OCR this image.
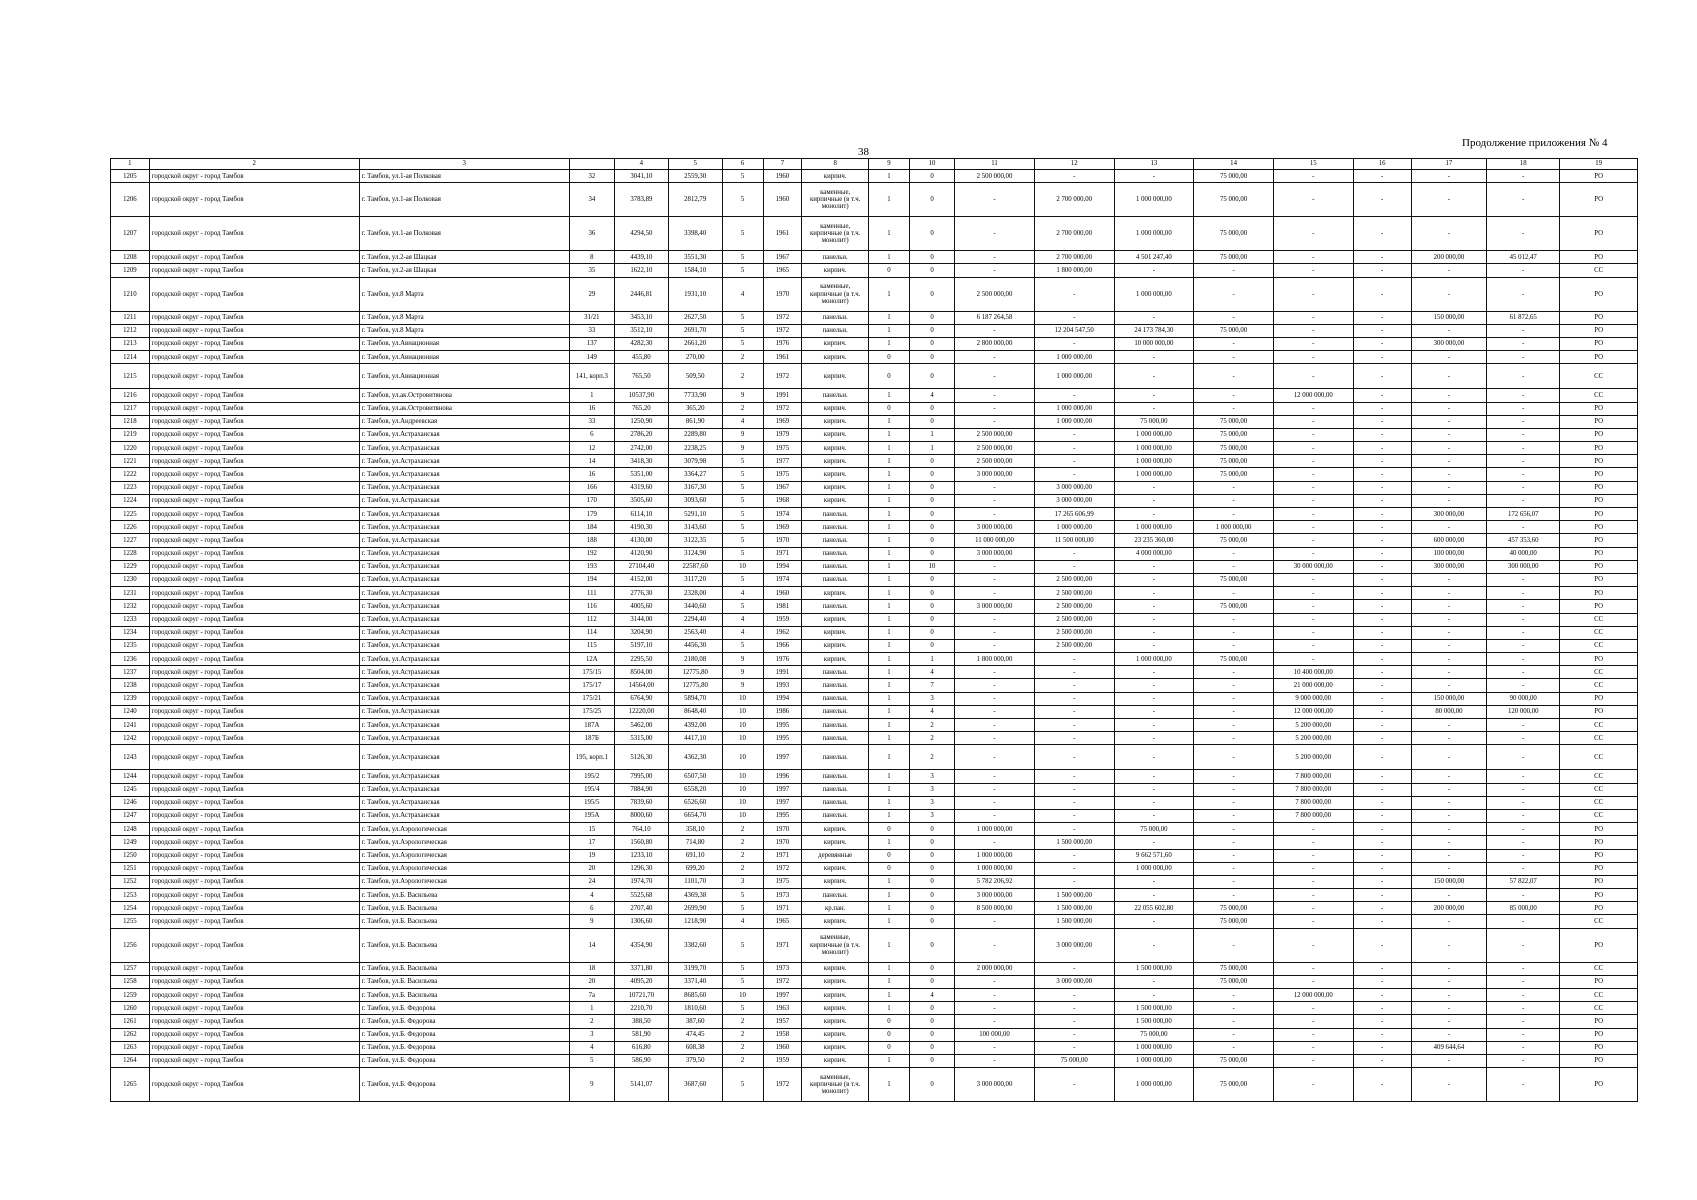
38
Продолжение приложения № 4
1	2	3		4	5	6	7	8	9	10	11	12	13	14	15	16	17	18	19
1205	городской округ - город Тамбов	г. Тамбов, ул.1-ая Полковая	32	3041,10	2559,30	5	1960	кирпич.	1	0	2 500 000,00	-	-	75 000,00	-	-	-	-	РО
1206	городской округ - город Тамбов	г. Тамбов, ул.1-ая Полковая	34	3783,89	2812,79	5	1960	каменные, кирпичные (в т.ч. монолит)	1	0	-	2 700 000,00	1 000 000,00	75 000,00	-	-	-	-	РО
1207	городской округ - город Тамбов	г. Тамбов, ул.1-ая Полковая	36	4294,50	3398,40	5	1961	каменные, кирпичные (в т.ч. монолит)	1	0	-	2 700 000,00	1 000 000,00	75 000,00	-	-	-	-	РО
1208	городской округ - город Тамбов	г. Тамбов, ул.2-ая Шацкая	8	4439,10	3551,30	5	1967	панельн.	1	0	-	2 700 000,00	4 501 247,40	75 000,00	-	-	200 000,00	45 012,47	РО
1209	городской округ - город Тамбов	г. Тамбов, ул.2-ая Шацкая	35	1622,10	1584,10	5	1965	кирпич.	0	0	-	1 800 000,00	-	-	-	-	-	-	СС
1210	городской округ - город Тамбов	г. Тамбов, ул.8 Марта	29	2446,81	1931,10	4	1970	каменные, кирпичные (в т.ч. монолит)	1	0	2 500 000,00	-	1 000 000,00	-	-	-	-	-	РО
1211	городской округ - город Тамбов	г. Тамбов, ул.8 Марта	31/21	3453,10	2627,50	5	1972	панельн.	1	0	6 187 264,58	-	-	-	-	-	150 000,00	61 872,65	РО
1212	городской округ - город Тамбов	г. Тамбов, ул.8 Марта	33	3512,10	2691,70	5	1972	панельн.	1	0	-	12 204 547,50	24 173 784,30	75 000,00	-	-	-	-	РО
1213	городской округ - город Тамбов	г. Тамбов, ул.Авиационная	137	4282,30	2661,20	5	1976	кирпич.	1	0	2 800 000,00	-	10 000 000,00	-	-	-	300 000,00	-	РО
1214	городской округ - город Тамбов	г. Тамбов, ул.Авиационная	149	455,80	270,00	2	1961	кирпич.	0	0	-	1 000 000,00	-	-	-	-	-	-	РО
1215	городской округ - город Тамбов	г. Тамбов, ул.Авиационная	141, корп.3	765,50	509,50	2	1972	кирпич.	0	0	-	1 000 000,00	-	-	-	-	-	-	СС
1216	городской округ - город Тамбов	г. Тамбов, ул.ак.Островитянова	1	10537,90	7733,90	9	1991	панельн.	1	4	-	-	-	-	12 000 000,00	-	-	-	СС
1217	городской округ - город Тамбов	г. Тамбов, ул.ак.Островитянова	16	765,20	365,20	2	1972	кирпич.	0	0	-	1 000 000,00	-	-	-	-	-	-	РО
1218	городской округ - город Тамбов	г. Тамбов, ул.Андреевская	33	1250,90	861,90	4	1969	кирпич.	1	0	-	1 000 000,00	75 000,00	75 000,00	-	-	-	-	РО
1219	городской округ - город Тамбов	г. Тамбов, ул.Астраханская	6	2786,20	2289,80	9	1979	кирпич.	1	1	2 500 000,00	-	1 000 000,00	75 000,00	-	-	-	-	РО
1220	городской округ - город Тамбов	г. Тамбов, ул.Астраханская	12	2742,00	2238,25	9	1975	кирпич.	1	1	2 500 000,00	-	1 000 000,00	75 000,00	-	-	-	-	РО
1221	городской округ - город Тамбов	г. Тамбов, ул.Астраханская	14	3418,30	3079,98	5	1977	кирпич.	1	0	2 500 000,00	-	1 000 000,00	75 000,00	-	-	-	-	РО
1222	городской округ - город Тамбов	г. Тамбов, ул.Астраханская	16	5351,00	3364,27	5	1975	кирпич.	1	0	3 000 000,00	-	1 000 000,00	75 000,00	-	-	-	-	РО
1223	городской округ - город Тамбов	г. Тамбов, ул.Астраханская	166	4319,60	3167,30	5	1967	кирпич.	1	0	-	3 000 000,00	-	-	-	-	-	-	РО
1224	городской округ - город Тамбов	г. Тамбов, ул.Астраханская	170	3505,60	3093,60	5	1968	кирпич.	1	0	-	3 000 000,00	-	-	-	-	-	-	РО
1225	городской округ - город Тамбов	г. Тамбов, ул.Астраханская	179	6114,10	5291,10	5	1974	панельн.	1	0	-	17 265 606,99	-	-	-	-	300 000,00	172 656,07	РО
1226	городской округ - город Тамбов	г. Тамбов, ул.Астраханская	184	4190,30	3143,60	5	1969	панельн.	1	0	3 000 000,00	1 000 000,00	1 000 000,00	1 000 000,00	-	-	-	-	РО
1227	городской округ - город Тамбов	г. Тамбов, ул.Астраханская	188	4130,00	3122,35	5	1970	панельн.	1	0	11 000 000,00	11 500 000,00	23 235 360,00	75 000,00	-	-	600 000,00	457 353,60	РО
1228	городской округ - город Тамбов	г. Тамбов, ул.Астраханская	192	4120,90	3124,90	5	1971	панельн.	1	0	3 000 000,00	-	4 000 000,00	-	-	-	100 000,00	40 000,00	РО
1229	городской округ - город Тамбов	г. Тамбов, ул.Астраханская	193	27104,40	22587,60	10	1994	панельн.	1	10	-	-	-	-	30 000 000,00	-	300 000,00	300 000,00	РО
1230	городской округ - город Тамбов	г. Тамбов, ул.Астраханская	194	4152,00	3117,20	5	1974	панельн.	1	0	-	2 500 000,00	-	75 000,00	-	-	-	-	РО
1231	городской округ - город Тамбов	г. Тамбов, ул.Астраханская	111	2776,30	2328,00	4	1960	кирпич.	1	0	-	2 500 000,00	-	-	-	-	-	-	РО
1232	городской округ - город Тамбов	г. Тамбов, ул.Астраханская	116	4005,60	3440,60	5	1981	панельн.	1	0	3 000 000,00	2 500 000,00	-	75 000,00	-	-	-	-	РО
1233	городской округ - город Тамбов	г. Тамбов, ул.Астраханская	112	3144,00	2294,40	4	1959	кирпич.	1	0	-	2 500 000,00	-	-	-	-	-	-	СС
1234	городской округ - город Тамбов	г. Тамбов, ул.Астраханская	114	3204,90	2563,40	4	1962	кирпич.	1	0	-	2 500 000,00	-	-	-	-	-	-	СС
1235	городской округ - город Тамбов	г. Тамбов, ул.Астраханская	115	5197,10	4456,30	5	1966	кирпич.	1	0	-	2 500 000,00	-	-	-	-	-	-	СС
1236	городской округ - город Тамбов	г. Тамбов, ул.Астраханская	12А	2295,50	2180,08	9	1976	кирпич.	1	1	1 800 000,00	-	1 000 000,00	75 000,00	-	-	-	-	РО
1237	городской округ - город Тамбов	г. Тамбов, ул.Астраханская	175/15	8504,00	12775,80	9	1991	панельн.	1	4	-	-	-	-	10 400 000,00	-	-	-	СС
1238	городской округ - город Тамбов	г. Тамбов, ул.Астраханская	175/17	14564,00	12775,80	9	1993	панельн.	1	7	-	-	-	-	21 000 000,00	-	-	-	СС
1239	городской округ - город Тамбов	г. Тамбов, ул.Астраханская	175/21	6764,90	5894,70	10	1994	панельн.	1	3	-	-	-	-	9 000 000,00	-	150 000,00	90 000,00	РО
1240	городской округ - город Тамбов	г. Тамбов, ул.Астраханская	175/25	12220,00	8648,40	10	1986	панельн.	1	4	-	-	-	-	12 000 000,00	-	80 000,00	120 000,00	РО
1241	городской округ - город Тамбов	г. Тамбов, ул.Астраханская	187А	5462,00	4392,00	10	1995	панельн.	1	2	-	-	-	-	5 200 000,00	-	-	-	СС
1242	городской округ - город Тамбов	г. Тамбов, ул.Астраханская	187Б	5315,00	4417,10	10	1995	панельн.	1	2	-	-	-	-	5 200 000,00	-	-	-	СС
1243	городской округ - город Тамбов	г. Тамбов, ул.Астраханская	195, корп.1	5126,30	4362,30	10	1997	панельн.	1	2	-	-	-	-	5 200 000,00	-	-	-	СС
1244	городской округ - город Тамбов	г. Тамбов, ул.Астраханская	195/2	7995,00	6507,50	10	1996	панельн.	1	3	-	-	-	-	7 800 000,00	-	-	-	СС
1245	городской округ - город Тамбов	г. Тамбов, ул.Астраханская	195/4	7884,90	6558,20	10	1997	панельн.	1	3	-	-	-	-	7 800 000,00	-	-	-	СС
1246	городской округ - город Тамбов	г. Тамбов, ул.Астраханская	195/5	7839,60	6526,60	10	1997	панельн.	1	3	-	-	-	-	7 800 000,00	-	-	-	СС
1247	городской округ - город Тамбов	г. Тамбов, ул.Астраханская	195А	8000,60	6654,70	10	1995	панельн.	1	3	-	-	-	-	7 800 000,00	-	-	-	СС
1248	городской округ - город Тамбов	г. Тамбов, ул.Аэрологическая	15	764,10	358,10	2	1970	кирпич.	0	0	1 000 000,00	-	75 000,00	-	-	-	-	-	РО
1249	городской округ - город Тамбов	г. Тамбов, ул.Аэрологическая	17	1560,80	714,80	2	1970	кирпич.	1	0	-	1 500 000,00	-	-	-	-	-	-	РО
1250	городской округ - город Тамбов	г. Тамбов, ул.Аэрологическая	19	1233,10	691,10	2	1971	деревянные	0	0	1 000 000,00	-	9 662 571,60	-	-	-	-	-	РО
1251	городской округ - город Тамбов	г. Тамбов, ул.Аэрологическая	20	1296,30	699,20	2	1972	кирпич.	0	0	1 000 000,00	-	1 000 000,00	-	-	-	-	-	РО
1252	городской округ - город Тамбов	г. Тамбов, ул.Аэрологическая	24	1974,70	1101,70	3	1975	кирпич.	1	0	5 782 206,92	-	-	-	-	-	150 000,00	57 822,07	РО
1253	городской округ - город Тамбов	г. Тамбов, ул.Б. Васильева	4	5525,68	4369,38	5	1973	панельн.	1	0	3 000 000,00	1 500 000,00	-	-	-	-	-	-	РО
1254	городской округ - город Тамбов	г. Тамбов, ул.Б. Васильева	6	2707,40	2699,90	5	1971	кр.пан.	1	0	8 500 000,00	1 500 000,00	22 055 602,80	75 000,00	-	-	200 000,00	85 000,00	РО
1255	городской округ - город Тамбов	г. Тамбов, ул.Б. Васильева	9	1306,60	1218,90	4	1965	кирпич.	1	0	-	1 500 000,00	-	75 000,00	-	-	-	-	СС
1256	городской округ - город Тамбов	г. Тамбов, ул.Б. Васильева	14	4354,90	3382,60	5	1971	каменные, кирпичные (в т.ч. монолит)	1	0	-	3 000 000,00	-	-	-	-	-	-	РО
1257	городской округ - город Тамбов	г. Тамбов, ул.Б. Васильева	18	3371,80	3199,70	5	1973	кирпич.	1	0	2 000 000,00	-	1 500 000,00	75 000,00	-	-	-	-	СС
1258	городской округ - город Тамбов	г. Тамбов, ул.Б. Васильева	20	4095,20	3371,40	5	1972	кирпич.	1	0	-	3 000 000,00	-	75 000,00	-	-	-	-	РО
1259	городской округ - город Тамбов	г. Тамбов, ул.Б. Васильева	7а	10721,70	8685,60	10	1997	кирпич.	1	4	-	-	-	-	12 000 000,00	-	-	-	СС
1260	городской округ - город Тамбов	г. Тамбов, ул.Б. Федорова	1	2210,70	1810,60	5	1963	кирпич.	1	0	-	-	1 500 000,00	-	-	-	-	-	СС
1261	городской округ - город Тамбов	г. Тамбов, ул.Б. Федорова	2	388,50	387,60	2	1957	кирпич.	0	0	-	-	1 500 000,00	-	-	-	-	-	РО
1262	городской округ - город Тамбов	г. Тамбов, ул.Б. Федорова	3	581,90	474,45	2	1958	кирпич.	0	0	100 000,00	-	75 000,00	-	-	-	-	-	РО
1263	городской округ - город Тамбов	г. Тамбов, ул.Б. Федорова	4	616,80	608,38	2	1960	кирпич.	0	0	-	-	1 000 000,00	-	-	-	409 644,64	-	РО
1264	городской округ - город Тамбов	г. Тамбов, ул.Б. Федорова	5	586,90	379,50	2	1959	кирпич.	1	0	-	75 000,00	1 000 000,00	75 000,00	-	-	-	-	РО
1265	городской округ - город Тамбов	г. Тамбов, ул.Б. Федорова	9	5141,07	3687,60	5	1972	каменные, кирпичные (в т.ч. монолит)	1	0	3 000 000,00	-	1 000 000,00	75 000,00	-	-	-	-	РО
